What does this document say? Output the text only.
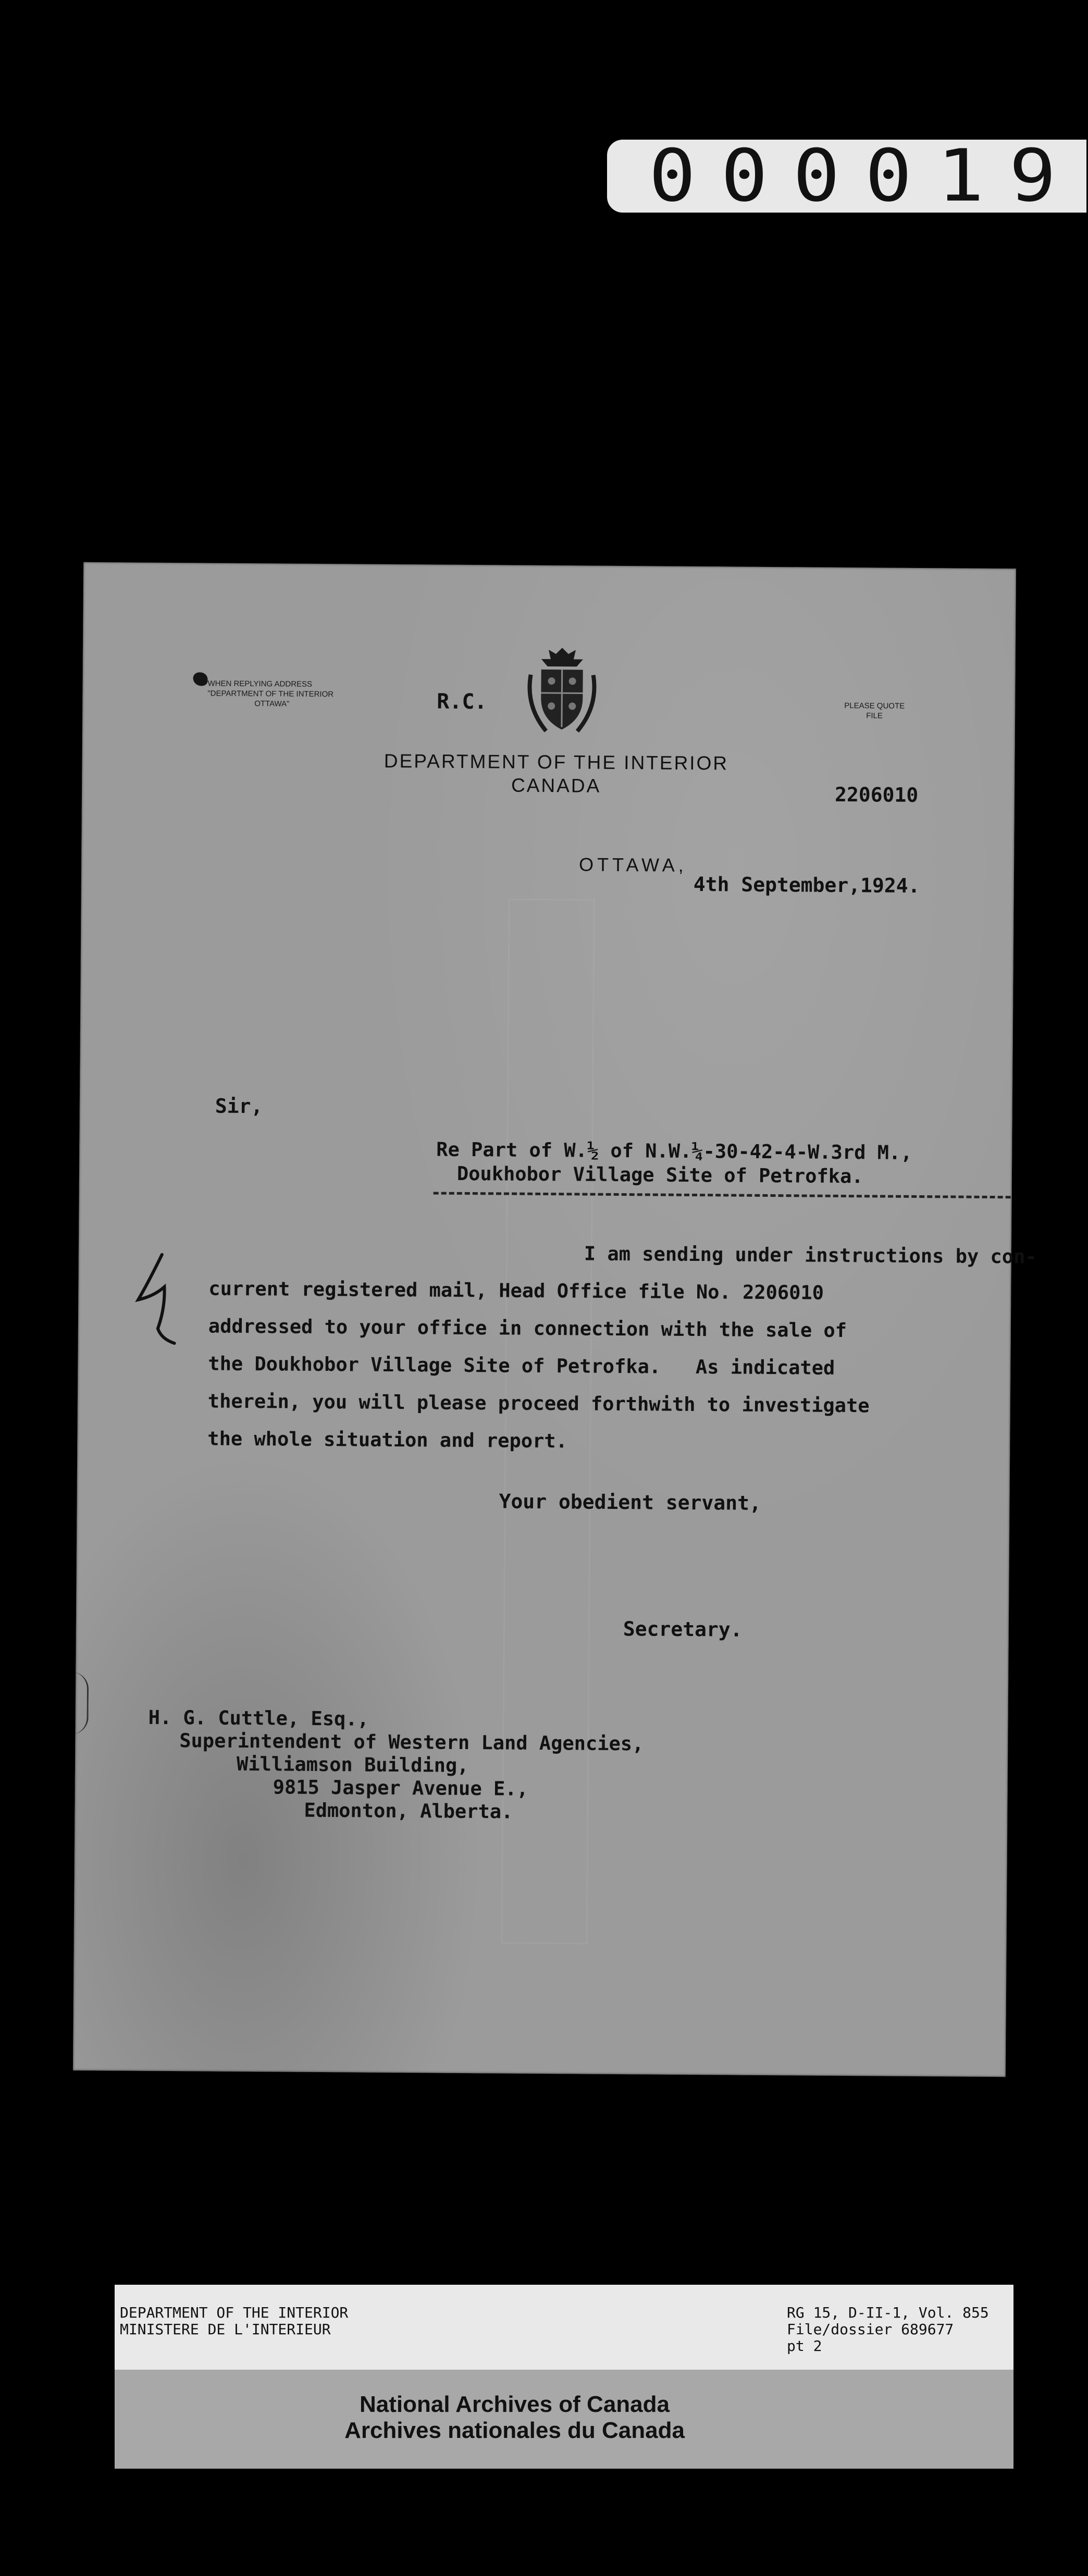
000019
WHEN REPLYING ADDRESS
"DEPARTMENT OF THE INTERIOR
OTTAWA"	R.C.	PLEASE QUOTE
FILE
DEPARTMENT OF THE INTERIOR
CANADA	2206010
OTTAWA,
4th September,1924.
Sir,
Re Part of W.½ of N.W.¼-30-42-4-W.3rd M.,
Doukhobor Village Site of Petrofka.
I am sending under instructions by con-
current registered mail, Head Office file No. 2206010
addressed to your office in connection with the sale of
the Doukhobor Village Site of Petrofka.   As indicated
therein, you will please proceed forthwith to investigate
the whole situation and report.
Your obedient servant,
Secretary.
H. G. Cuttle, Esq.,
Superintendent of Western Land Agencies,
Williamson Building,
9815 Jasper Avenue E.,
Edmonton, Alberta.
DEPARTMENT OF THE INTERIOR
MINISTERE DE L'INTERIEUR
RG 15, D-II-1, Vol. 855
File/dossier 689677
pt 2
National Archives of Canada
Archives nationales du Canada
